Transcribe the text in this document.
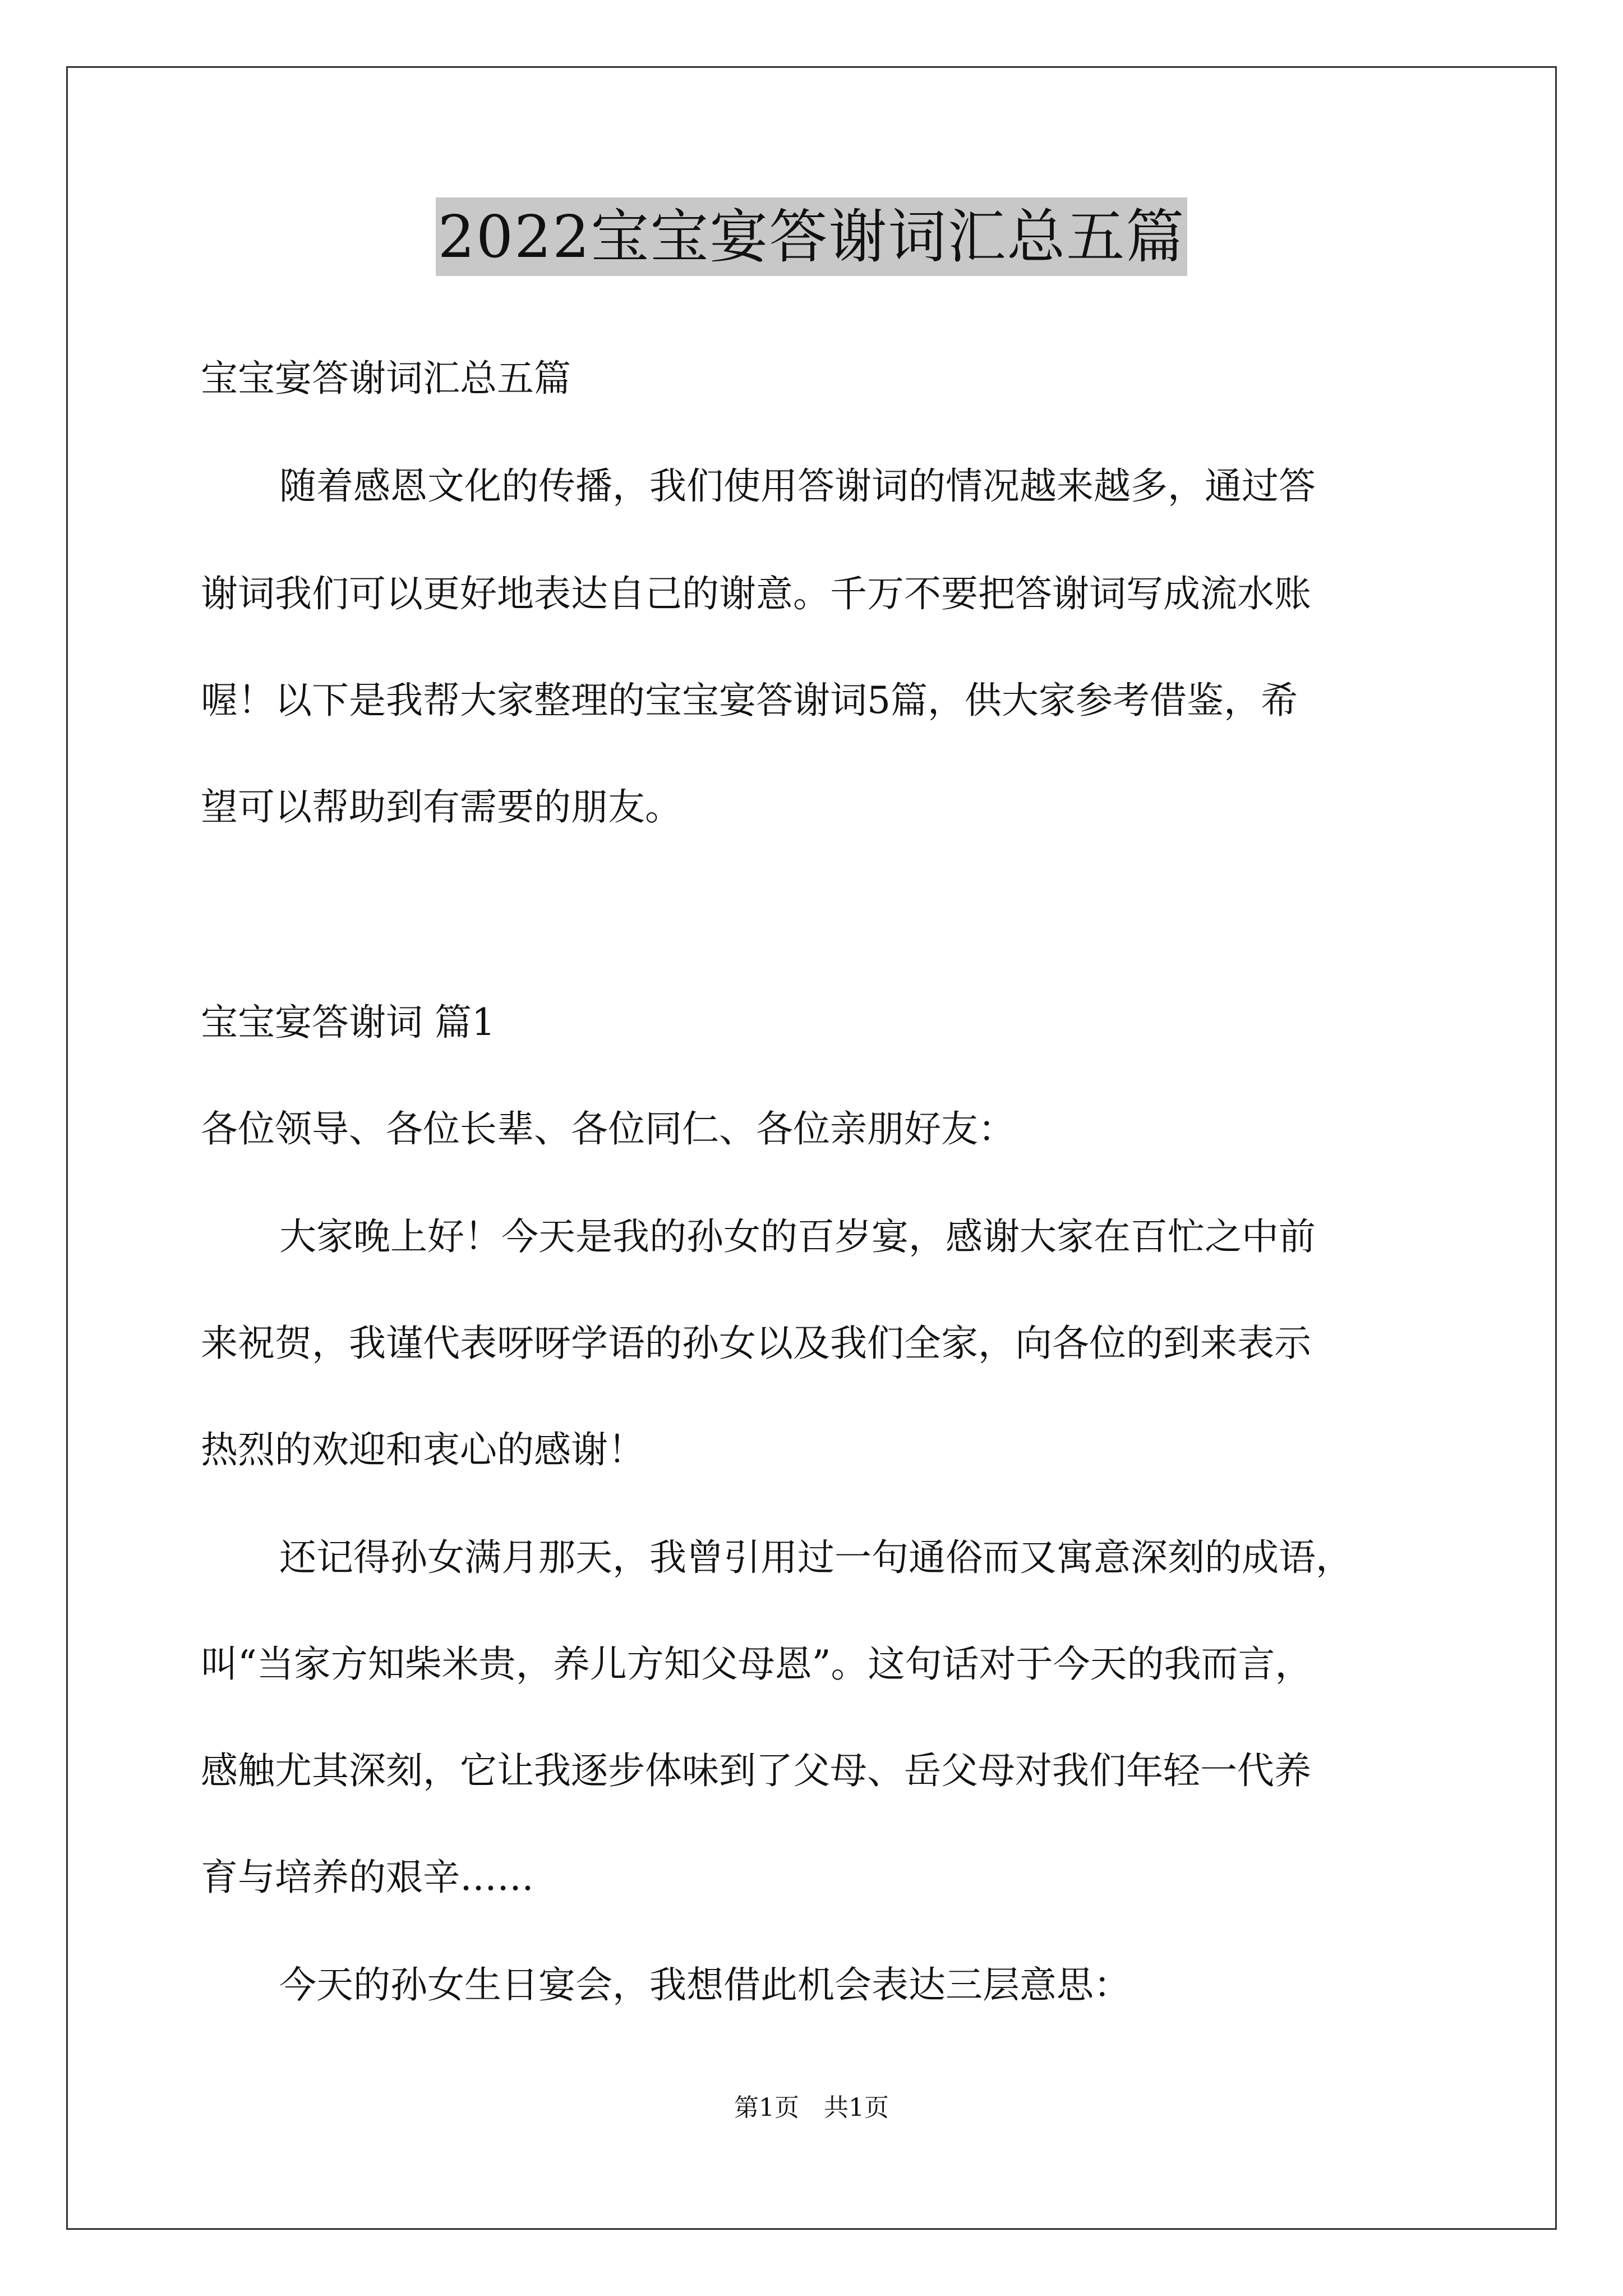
2022宝宝宴答谢词汇总五篇
宝宝宴答谢词汇总五篇
随着感恩文化的传播，我们使用答谢词的情况越来越多，通过答
谢词我们可以更好地表达自己的谢意。千万不要把答谢词写成流水账
喔！以下是我帮大家整理的宝宝宴答谢词5篇，供大家参考借鉴，希
望可以帮助到有需要的朋友。
宝宝宴答谢词 篇1
各位领导、各位长辈、各位同仁、各位亲朋好友：
大家晚上好！今天是我的孙女的百岁宴，感谢大家在百忙之中前
来祝贺，我谨代表呀呀学语的孙女以及我们全家，向各位的到来表示
热烈的欢迎和衷心的感谢！
还记得孙女满月那天，我曾引用过一句通俗而又寓意深刻的成语，
叫“当家方知柴米贵，养儿方知父母恩”。这句话对于今天的我而言，
感触尤其深刻，它让我逐步体味到了父母、岳父母对我们年轻一代养
育与培养的艰辛……
今天的孙女生日宴会，我想借此机会表达三层意思：
第1页　共1页
